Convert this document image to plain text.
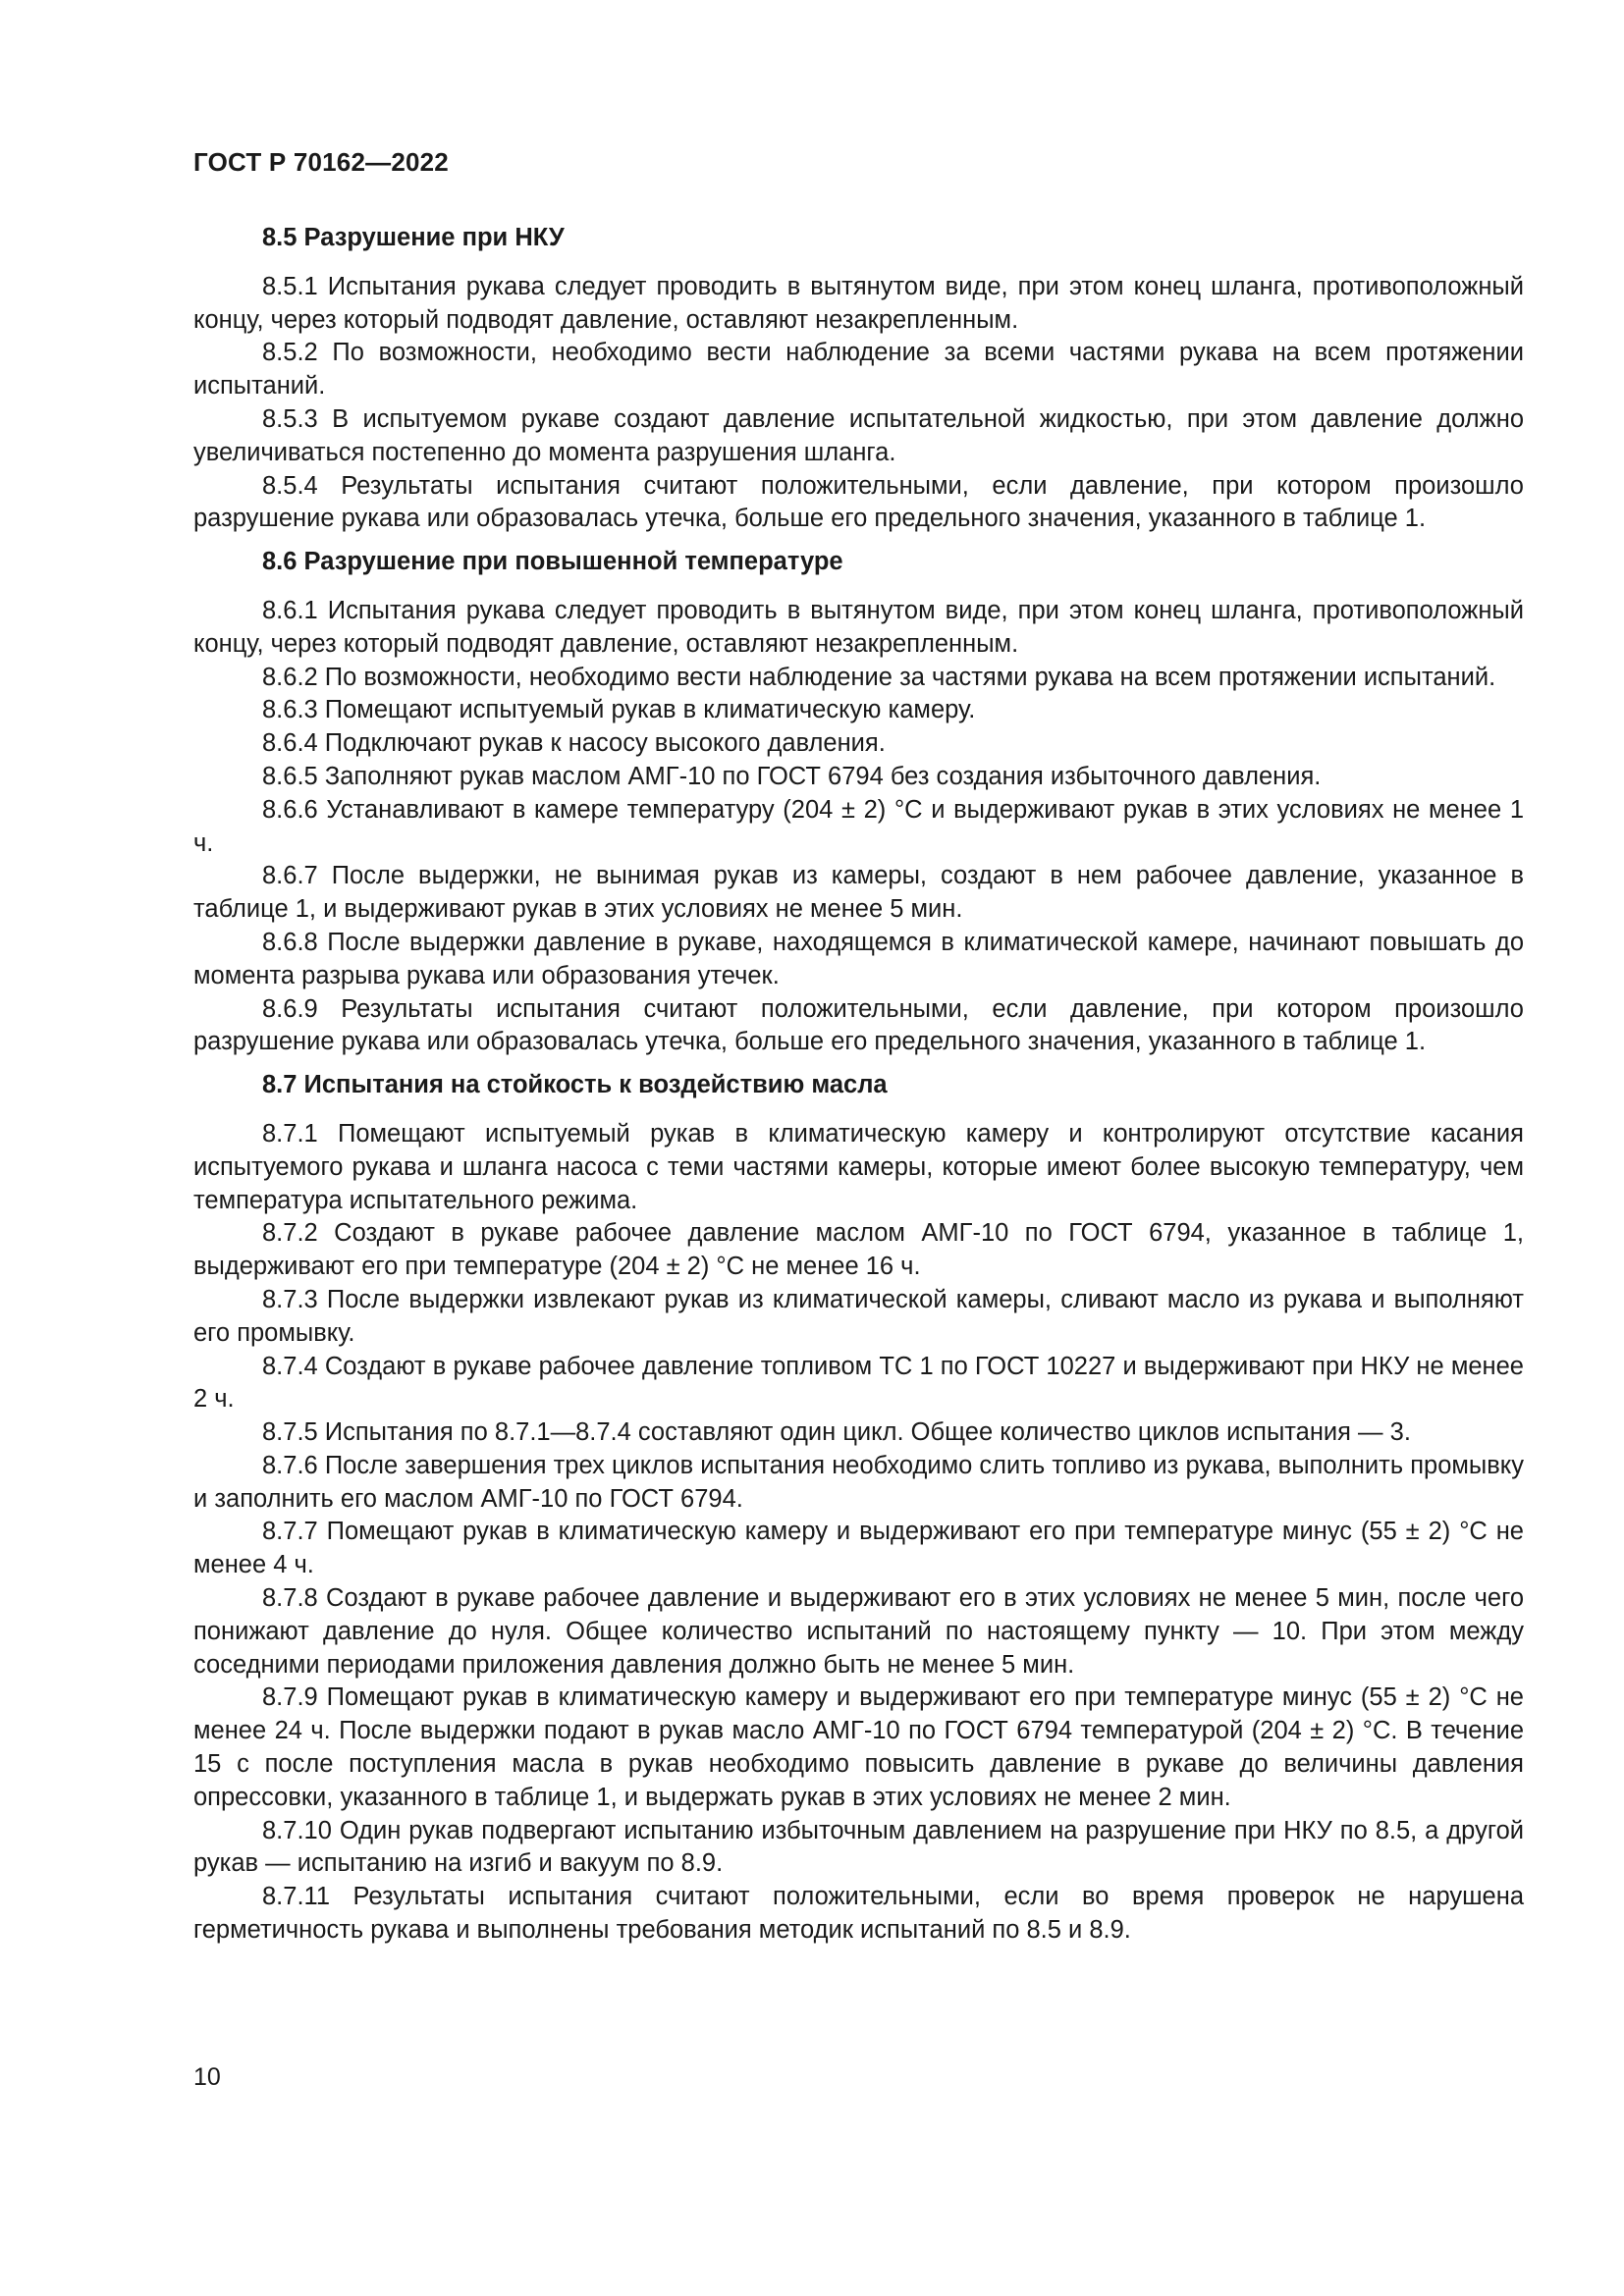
ГОСТ Р 70162—2022

8.5 Разрушение при НКУ

8.5.1 Испытания рукава следует проводить в вытянутом виде, при этом конец шланга, противоположный концу, через который подводят давление, оставляют незакрепленным.

8.5.2 По возможности, необходимо вести наблюдение за всеми частями рукава на всем протяжении испытаний.

8.5.3 В испытуемом рукаве создают давление испытательной жидкостью, при этом давление должно увеличиваться постепенно до момента разрушения шланга.

8.5.4 Результаты испытания считают положительными, если давление, при котором произошло разрушение рукава или образовалась утечка, больше его предельного значения, указанного в таблице 1.

8.6 Разрушение при повышенной температуре

8.6.1 Испытания рукава следует проводить в вытянутом виде, при этом конец шланга, противоположный концу, через который подводят давление, оставляют незакрепленным.

8.6.2 По возможности, необходимо вести наблюдение за частями рукава на всем протяжении испытаний.

8.6.3 Помещают испытуемый рукав в климатическую камеру.

8.6.4 Подключают рукав к насосу высокого давления.

8.6.5 Заполняют рукав маслом АМГ-10 по ГОСТ 6794 без создания избыточного давления.

8.6.6 Устанавливают в камере температуру (204 ± 2) °С и выдерживают рукав в этих условиях не менее 1 ч.

8.6.7 После выдержки, не вынимая рукав из камеры, создают в нем рабочее давление, указанное в таблице 1, и выдерживают рукав в этих условиях не менее 5 мин.

8.6.8 После выдержки давление в рукаве, находящемся в климатической камере, начинают повышать до момента разрыва рукава или образования утечек.

8.6.9 Результаты испытания считают положительными, если давление, при котором произошло разрушение рукава или образовалась утечка, больше его предельного значения, указанного в таблице 1.

8.7 Испытания на стойкость к воздействию масла

8.7.1 Помещают испытуемый рукав в климатическую камеру и контролируют отсутствие касания испытуемого рукава и шланга насоса с теми частями камеры, которые имеют более высокую температуру, чем температура испытательного режима.

8.7.2 Создают в рукаве рабочее давление маслом АМГ-10 по ГОСТ 6794, указанное в таблице 1, выдерживают его при температуре (204 ± 2) °С не менее 16 ч.

8.7.3 После выдержки извлекают рукав из климатической камеры, сливают масло из рукава и выполняют его промывку.

8.7.4 Создают в рукаве рабочее давление топливом ТС 1 по ГОСТ 10227 и выдерживают при НКУ не менее 2 ч.

8.7.5 Испытания по 8.7.1—8.7.4 составляют один цикл. Общее количество циклов испытания — 3.

8.7.6 После завершения трех циклов испытания необходимо слить топливо из рукава, выполнить промывку и заполнить его маслом АМГ-10 по ГОСТ 6794.

8.7.7 Помещают рукав в климатическую камеру и выдерживают его при температуре минус (55 ± 2) °С не менее 4 ч.

8.7.8 Создают в рукаве рабочее давление и выдерживают его в этих условиях не менее 5 мин, после чего понижают давление до нуля. Общее количество испытаний по настоящему пункту — 10. При этом между соседними периодами приложения давления должно быть не менее 5 мин.

8.7.9 Помещают рукав в климатическую камеру и выдерживают его при температуре минус (55 ± 2) °С не менее 24 ч. После выдержки подают в рукав масло АМГ-10 по ГОСТ 6794 температурой (204 ± 2) °С. В течение 15 с после поступления масла в рукав необходимо повысить давление в рукаве до величины давления опрессовки, указанного в таблице 1, и выдержать рукав в этих условиях не менее 2 мин.

8.7.10 Один рукав подвергают испытанию избыточным давлением на разрушение при НКУ по 8.5, а другой рукав — испытанию на изгиб и вакуум по 8.9.

8.7.11 Результаты испытания считают положительными, если во время проверок не нарушена герметичность рукава и выполнены требования методик испытаний по 8.5 и 8.9.

10
